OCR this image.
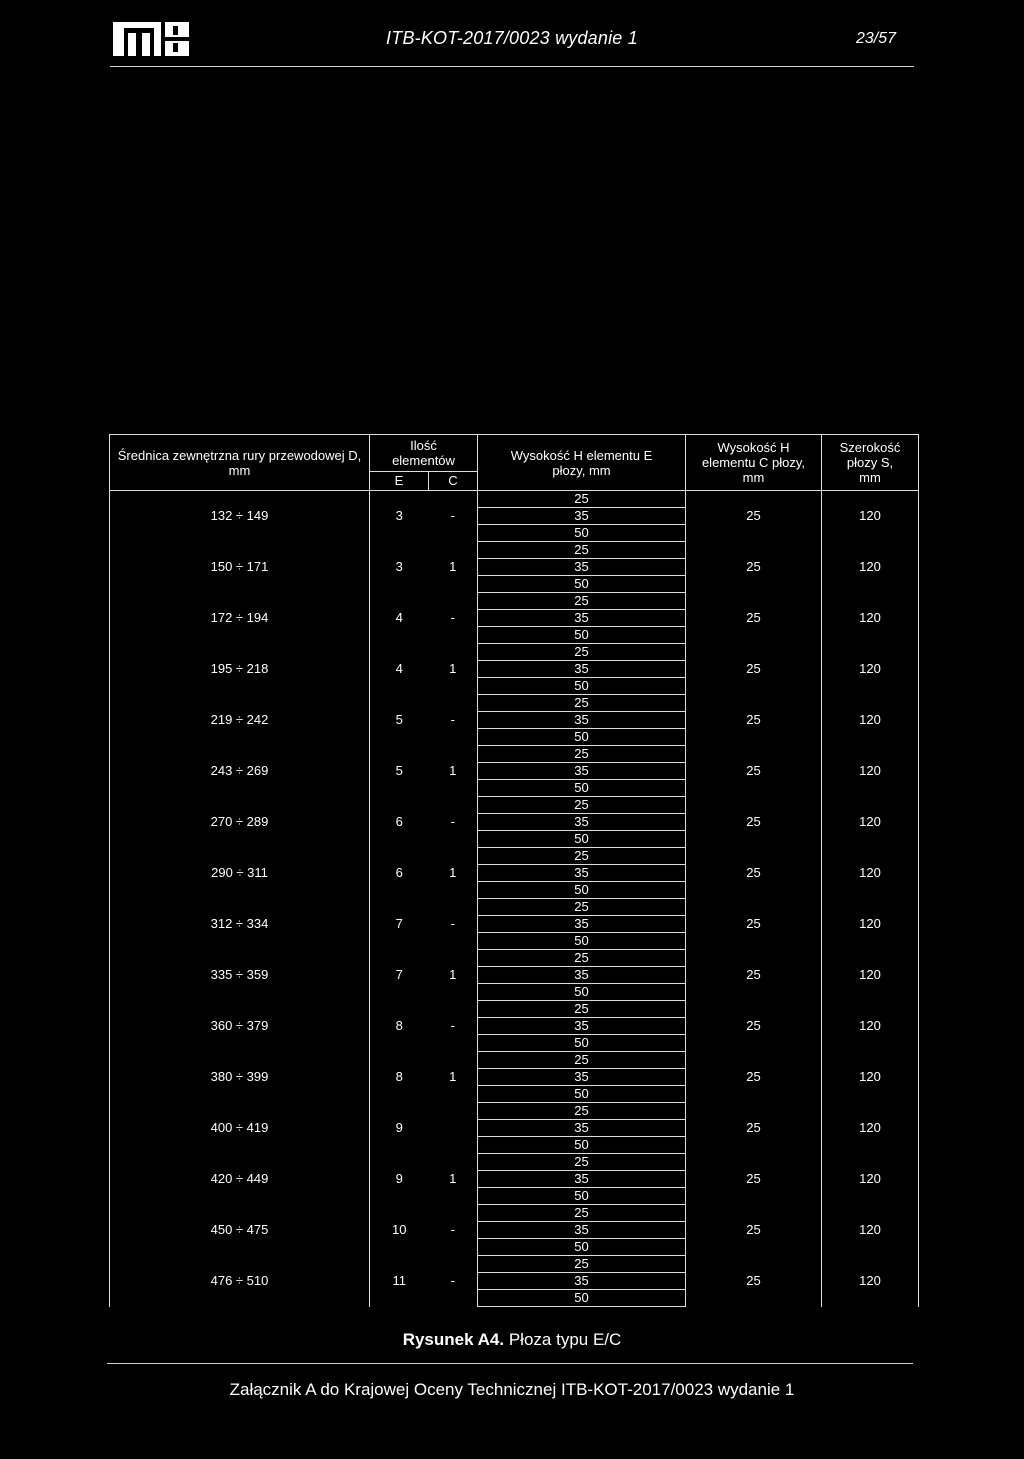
ITB-KOT-2017/0023 wydanie 1	23/57
Średnica zewnętrzna rury przewodowej D, mm	Ilość elementów		Wysokość H elementu E płozy, mm	Wysokość H elementu C płozy, mm	Szerokość płozy S, mm

	E	C			
132 ÷ 149	3	-	25	25	120
			35		
			50		
150 ÷ 171	3	1	25	25	120
			35		
			50		
172 ÷ 194	4	-	25	25	120
			35		
			50		
195 ÷ 218	4	1	25	25	120
			35		
			50		
219 ÷ 242	5	-	25	25	120
			35		
			50		
243 ÷ 269	5	1	25	25	120
			35		
			50		
270 ÷ 289	6	-	25	25	120
			35		
			50		
290 ÷ 311	6	1	25	25	120
			35		
			50		
312 ÷ 334	7	-	25	25	120
			35		
			50		
335 ÷ 359	7	1	25	25	120
			35		
			50		
360 ÷ 379	8	-	25	25	120
			35		
			50		
380 ÷ 399	8	1	25	25	120
			35		
			50		
400 ÷ 419	9		25	25	120
			35		
			50		
420 ÷ 449	9	1	25	25	120
			35		
			50		
450 ÷ 475	10	-	25	25	120
			35		
			50		
476 ÷ 510	11	-	25	25	120
			35		
			50		
Rysunek A4. Płoza typu E/C
Załącznik A do Krajowej Oceny Technicznej ITB-KOT-2017/0023 wydanie 1
